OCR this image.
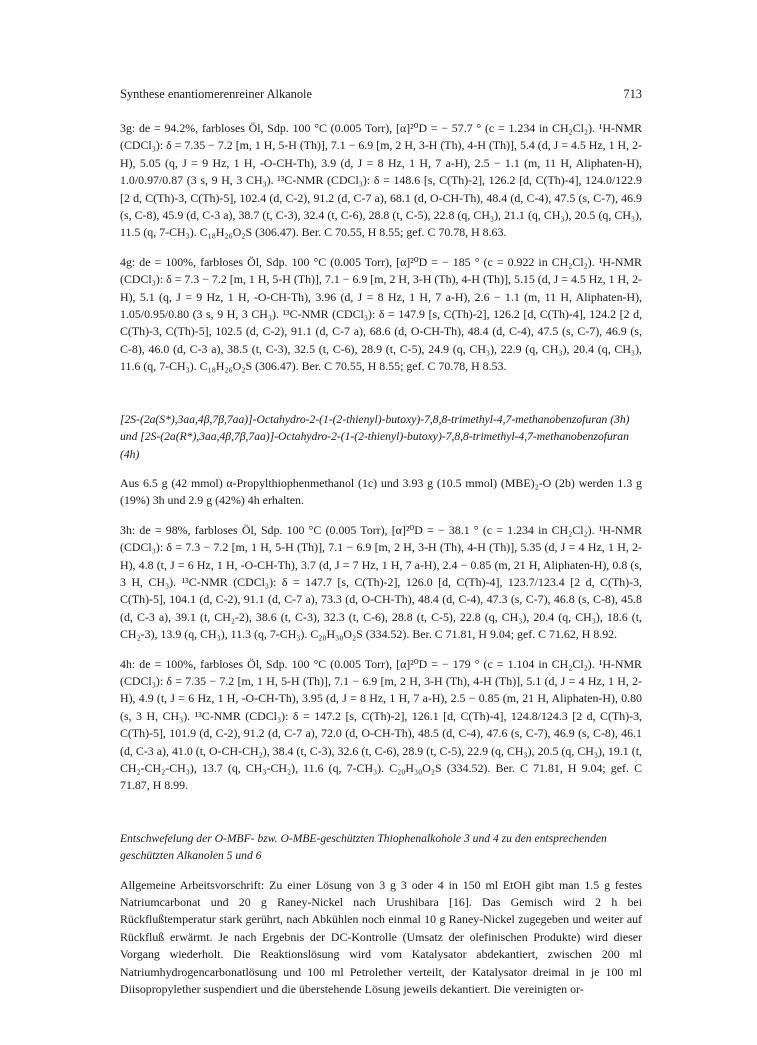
Synthese enantiomerenreiner Alkanole	713

3g: de = 94.2%, farbloses Öl, Sdp. 100 °C (0.005 Torr), [α]²⁰D = − 57.7 ° (c = 1.234 in CH₂Cl₂). ¹H-NMR (CDCl₃): δ = 7.35 − 7.2 [m, 1 H, 5-H (Th)], 7.1 − 6.9 [m, 2 H, 3-H (Th), 4-H (Th)], 5.4 (d, J = 4.5 Hz, 1 H, 2-H), 5.05 (q, J = 9 Hz, 1 H, -O-CH-Th), 3.9 (d, J = 8 Hz, 1 H, 7 a-H), 2.5 − 1.1 (m, 11 H, Aliphaten-H), 1.0/0.97/0.87 (3 s, 9 H, 3 CH₃). ¹³C-NMR (CDCl₃): δ = 148.6 [s, C(Th)-2], 126.2 [d, C(Th)-4], 124.0/122.9 [2 d, C(Th)-3, C(Th)-5], 102.4 (d, C-2), 91.2 (d, C-7 a), 68.1 (d, O-CH-Th), 48.4 (d, C-4), 47.5 (s, C-7), 46.9 (s, C-8), 45.9 (d, C-3 a), 38.7 (t, C-3), 32.4 (t, C-6), 28.8 (t, C-5), 22.8 (q, CH₃), 21.1 (q, CH₃), 20.5 (q, CH₃), 11.5 (q, 7-CH₃). C₁₈H₂₆O₂S (306.47). Ber. C 70.55, H 8.55; gef. C 70.78, H 8.63.

4g: de = 100%, farbloses Öl, Sdp. 100 °C (0.005 Torr), [α]²⁰D = − 185 ° (c = 0.922 in CH₂Cl₂). ¹H-NMR (CDCl₃): δ = 7.3 − 7.2 [m, 1 H, 5-H (Th)], 7.1 − 6.9 [m, 2 H, 3-H (Th), 4-H (Th)], 5.15 (d, J = 4.5 Hz, 1 H, 2-H), 5.1 (q, J = 9 Hz, 1 H, -O-CH-Th), 3.96 (d, J = 8 Hz, 1 H, 7 a-H), 2.6 − 1.1 (m, 11 H, Aliphaten-H), 1.05/0.95/0.80 (3 s, 9 H, 3 CH₃). ¹³C-NMR (CDCl₃): δ = 147.9 [s, C(Th)-2], 126.2 [d, C(Th)-4], 124.2 [2 d, C(Th)-3, C(Th)-5], 102.5 (d, C-2), 91.1 (d, C-7 a), 68.6 (d, O-CH-Th), 48.4 (d, C-4), 47.5 (s, C-7), 46.9 (s, C-8), 46.0 (d, C-3 a), 38.5 (t, C-3), 32.5 (t, C-6), 28.9 (t, C-5), 24.9 (q, CH₃), 22.9 (q, CH₃), 20.4 (q, CH₃), 11.6 (q, 7-CH₃). C₁₈H₂₆O₂S (306.47). Ber. C 70.55, H 8.55; gef. C 70.78, H 8.53.

[2S-(2a(S*),3aa,4β,7β,7aa)]-Octahydro-2-(1-(2-thienyl)-butoxy)-7,8,8-trimethyl-4,7-methanobenzofuran (3h) und [2S-(2a(R*),3aa,4β,7β,7aa)]-Octahydro-2-(1-(2-thienyl)-butoxy)-7,8,8-trimethyl-4,7-methanobenzofuran (4h)

Aus 6.5 g (42 mmol) α-Propylthiophenmethanol (1c) und 3.93 g (10.5 mmol) (MBE)₂-O (2b) werden 1.3 g (19%) 3h und 2.9 g (42%) 4h erhalten.

3h: de = 98%, farbloses Öl, Sdp. 100 °C (0.005 Torr), [α]²⁰D = − 38.1 ° (c = 1.234 in CH₂Cl₂). ¹H-NMR (CDCl₃): δ = 7.3 − 7.2 [m, 1 H, 5-H (Th)], 7.1 − 6.9 [m, 2 H, 3-H (Th), 4-H (Th)], 5.35 (d, J = 4 Hz, 1 H, 2-H), 4.8 (t, J = 6 Hz, 1 H, -O-CH-Th), 3.7 (d, J = 7 Hz, 1 H, 7 a-H), 2.4 − 0.85 (m, 21 H, Aliphaten-H), 0.8 (s, 3 H, CH₃). ¹³C-NMR (CDCl₃): δ = 147.7 [s, C(Th)-2], 126.0 [d, C(Th)-4], 123.7/123.4 [2 d, C(Th)-3, C(Th)-5], 104.1 (d, C-2), 91.1 (d, C-7 a), 73.3 (d, O-CH-Th), 48.4 (d, C-4), 47.3 (s, C-7), 46.8 (s, C-8), 45.8 (d, C-3 a), 39.1 (t, CH₂-2), 38.6 (t, C-3), 32.3 (t, C-6), 28.8 (t, C-5), 22.8 (q, CH₃), 20.4 (q, CH₃), 18.6 (t, CH₂-3), 13.9 (q, CH₃), 11.3 (q, 7-CH₃). C₂₀H₃₀O₂S (334.52). Ber. C 71.81, H 9.04; gef. C 71.62, H 8.92.

4h: de = 100%, farbloses Öl, Sdp. 100 °C (0.005 Torr), [α]²⁰D = − 179 ° (c = 1.104 in CH₂Cl₂). ¹H-NMR (CDCl₃): δ = 7.35 − 7.2 [m, 1 H, 5-H (Th)], 7.1 − 6.9 [m, 2 H, 3-H (Th), 4-H (Th)], 5.1 (d, J = 4 Hz, 1 H, 2-H), 4.9 (t, J = 6 Hz, 1 H, -O-CH-Th), 3.95 (d, J = 8 Hz, 1 H, 7 a-H), 2.5 − 0.85 (m, 21 H, Aliphaten-H), 0.80 (s, 3 H, CH₃). ¹³C-NMR (CDCl₃): δ = 147.2 [s, C(Th)-2], 126.1 [d, C(Th)-4], 124.8/124.3 [2 d, C(Th)-3, C(Th)-5], 101.9 (d, C-2), 91.2 (d, C-7 a), 72.0 (d, O-CH-Th), 48.5 (d, C-4), 47.6 (s, C-7), 46.9 (s, C-8), 46.1 (d, C-3 a), 41.0 (t, O-CH-CH₂), 38.4 (t, C-3), 32.6 (t, C-6), 28.9 (t, C-5), 22.9 (q, CH₃), 20.5 (q, CH₃), 19.1 (t, CH₂-CH₂-CH₃), 13.7 (q, CH₃-CH₂), 11.6 (q, 7-CH₃). C₂₀H₃₀O₂S (334.52). Ber. C 71.81, H 9.04; gef. C 71.87, H 8.99.

Entschwefelung der O-MBF- bzw. O-MBE-geschützten Thiophenalkohole 3 und 4 zu den entsprechenden geschützten Alkanolen 5 und 6

Allgemeine Arbeitsvorschrift: Zu einer Lösung von 3 g 3 oder 4 in 150 ml EtOH gibt man 1.5 g festes Natriumcarbonat und 20 g Raney-Nickel nach Urushibara [16]. Das Gemisch wird 2 h bei Rückflußtemperatur stark gerührt, nach Abkühlen noch einmal 10 g Raney-Nickel zugegeben und weiter auf Rückfluß erwärmt. Je nach Ergebnis der DC-Kontrolle (Umsatz der olefinischen Produkte) wird dieser Vorgang wiederholt. Die Reaktionslösung wird vom Katalysator abdekantiert, zwischen 200 ml Natriumhydrogencarbonatlösung und 100 ml Petrolether verteilt, der Katalysator dreimal in je 100 ml Diisopropylether suspendiert und die überstehende Lösung jeweils dekantiert. Die vereinigten or-
